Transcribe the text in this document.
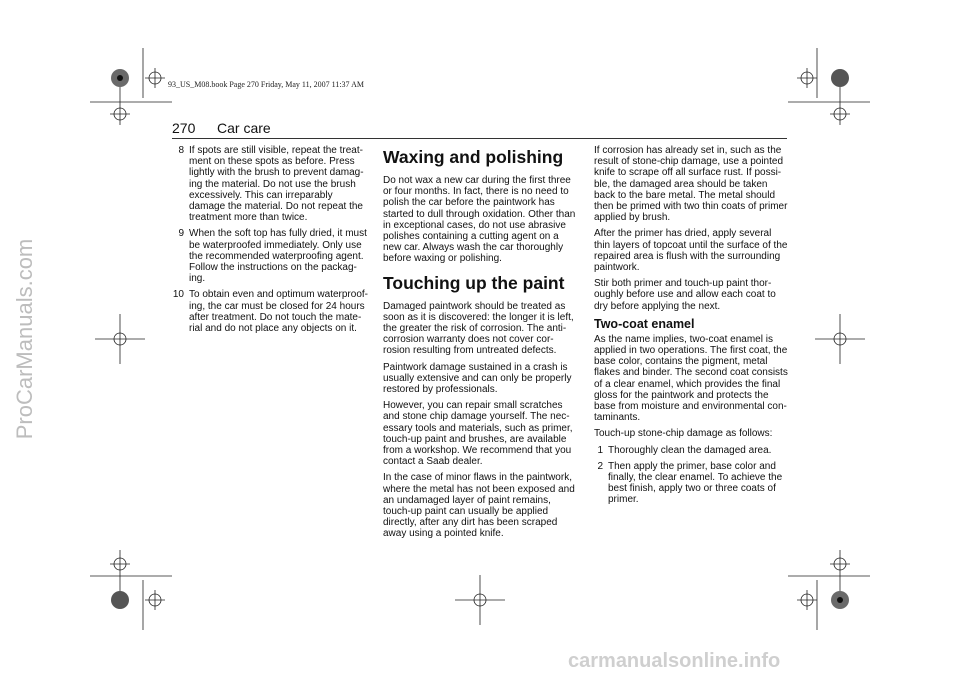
ProCarManuals.com
93_US_M08.book Page 270 Friday, May 11, 2007 11:37 AM
270 Car care
8 If spots are still visible, repeat the treat-ment on these spots as before. Press lightly with the brush to prevent damag-ing the material. Do not use the brush excessively. This can irreparably damage the material. Do not repeat the treatment more than twice.
9 When the soft top has fully dried, it must be waterproofed immediately. Only use the recommended waterproofing agent. Follow the instructions on the packag-ing.
10 To obtain even and optimum waterproof-ing, the car must be closed for 24 hours after treatment. Do not touch the mate-rial and do not place any objects on it.
Waxing and polishing

Do not wax a new car during the first three or four months. In fact, there is no need to polish the car before the paintwork has started to dull through oxidation. Other than in exceptional cases, do not use abrasive polishes containing a cutting agent on a new car. Always wash the car thoroughly before waxing or polishing.

Touching up the paint

Damaged paintwork should be treated as soon as it is discovered: the longer it is left, the greater the risk of corrosion. The anti-corrosion warranty does not cover cor-rosion resulting from untreated defects.

Paintwork damage sustained in a crash is usually extensive and can only be properly restored by professionals.

However, you can repair small scratches and stone chip damage yourself. The nec-essary tools and materials, such as primer, touch-up paint and brushes, are available from a workshop. We recommend that you contact a Saab dealer.

In the case of minor flaws in the paintwork, where the metal has not been exposed and an undamaged layer of paint remains, touch-up paint can usually be applied directly, after any dirt has been scraped away using a pointed knife.

If corrosion has already set in, such as the result of stone-chip damage, use a pointed knife to scrape off all surface rust. If possi-ble, the damaged area should be taken back to the bare metal. The metal should then be primed with two thin coats of primer applied by brush.

After the primer has dried, apply several thin layers of topcoat until the surface of the repaired area is flush with the surrounding paintwork.

Stir both primer and touch-up paint thor-oughly before use and allow each coat to dry before applying the next.

Two-coat enamel

As the name implies, two-coat enamel is applied in two operations. The first coat, the base color, contains the pigment, metal flakes and binder. The second coat consists of a clear enamel, which provides the final gloss for the paintwork and protects the base from moisture and environmental con-taminants.

Touch-up stone-chip damage as follows:

1 Thoroughly clean the damaged area.
2 Then apply the primer, base color and finally, the clear enamel. To achieve the best finish, apply two or three coats of primer.
carmanualsonline.info
